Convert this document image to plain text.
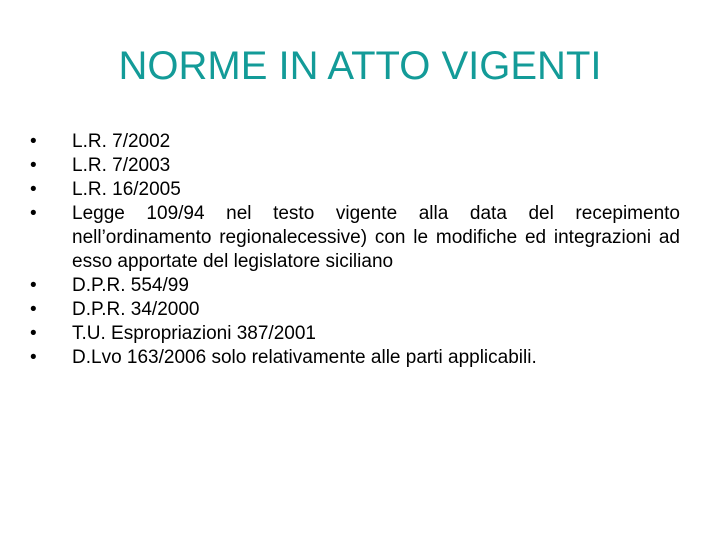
NORME IN ATTO VIGENTI
•	L.R. 7/2002
•	L.R. 7/2003
•	L.R. 16/2005
•	Legge 109/94 nel testo vigente alla data del recepimento nell’ordinamento regionalecessive) con le modifiche ed integrazioni ad esso apportate del legislatore siciliano
•	D.P.R. 554/99
•	D.P.R. 34/2000
•	T.U. Espropriazioni 387/2001
•	D.Lvo 163/2006 solo relativamente alle parti applicabili.
